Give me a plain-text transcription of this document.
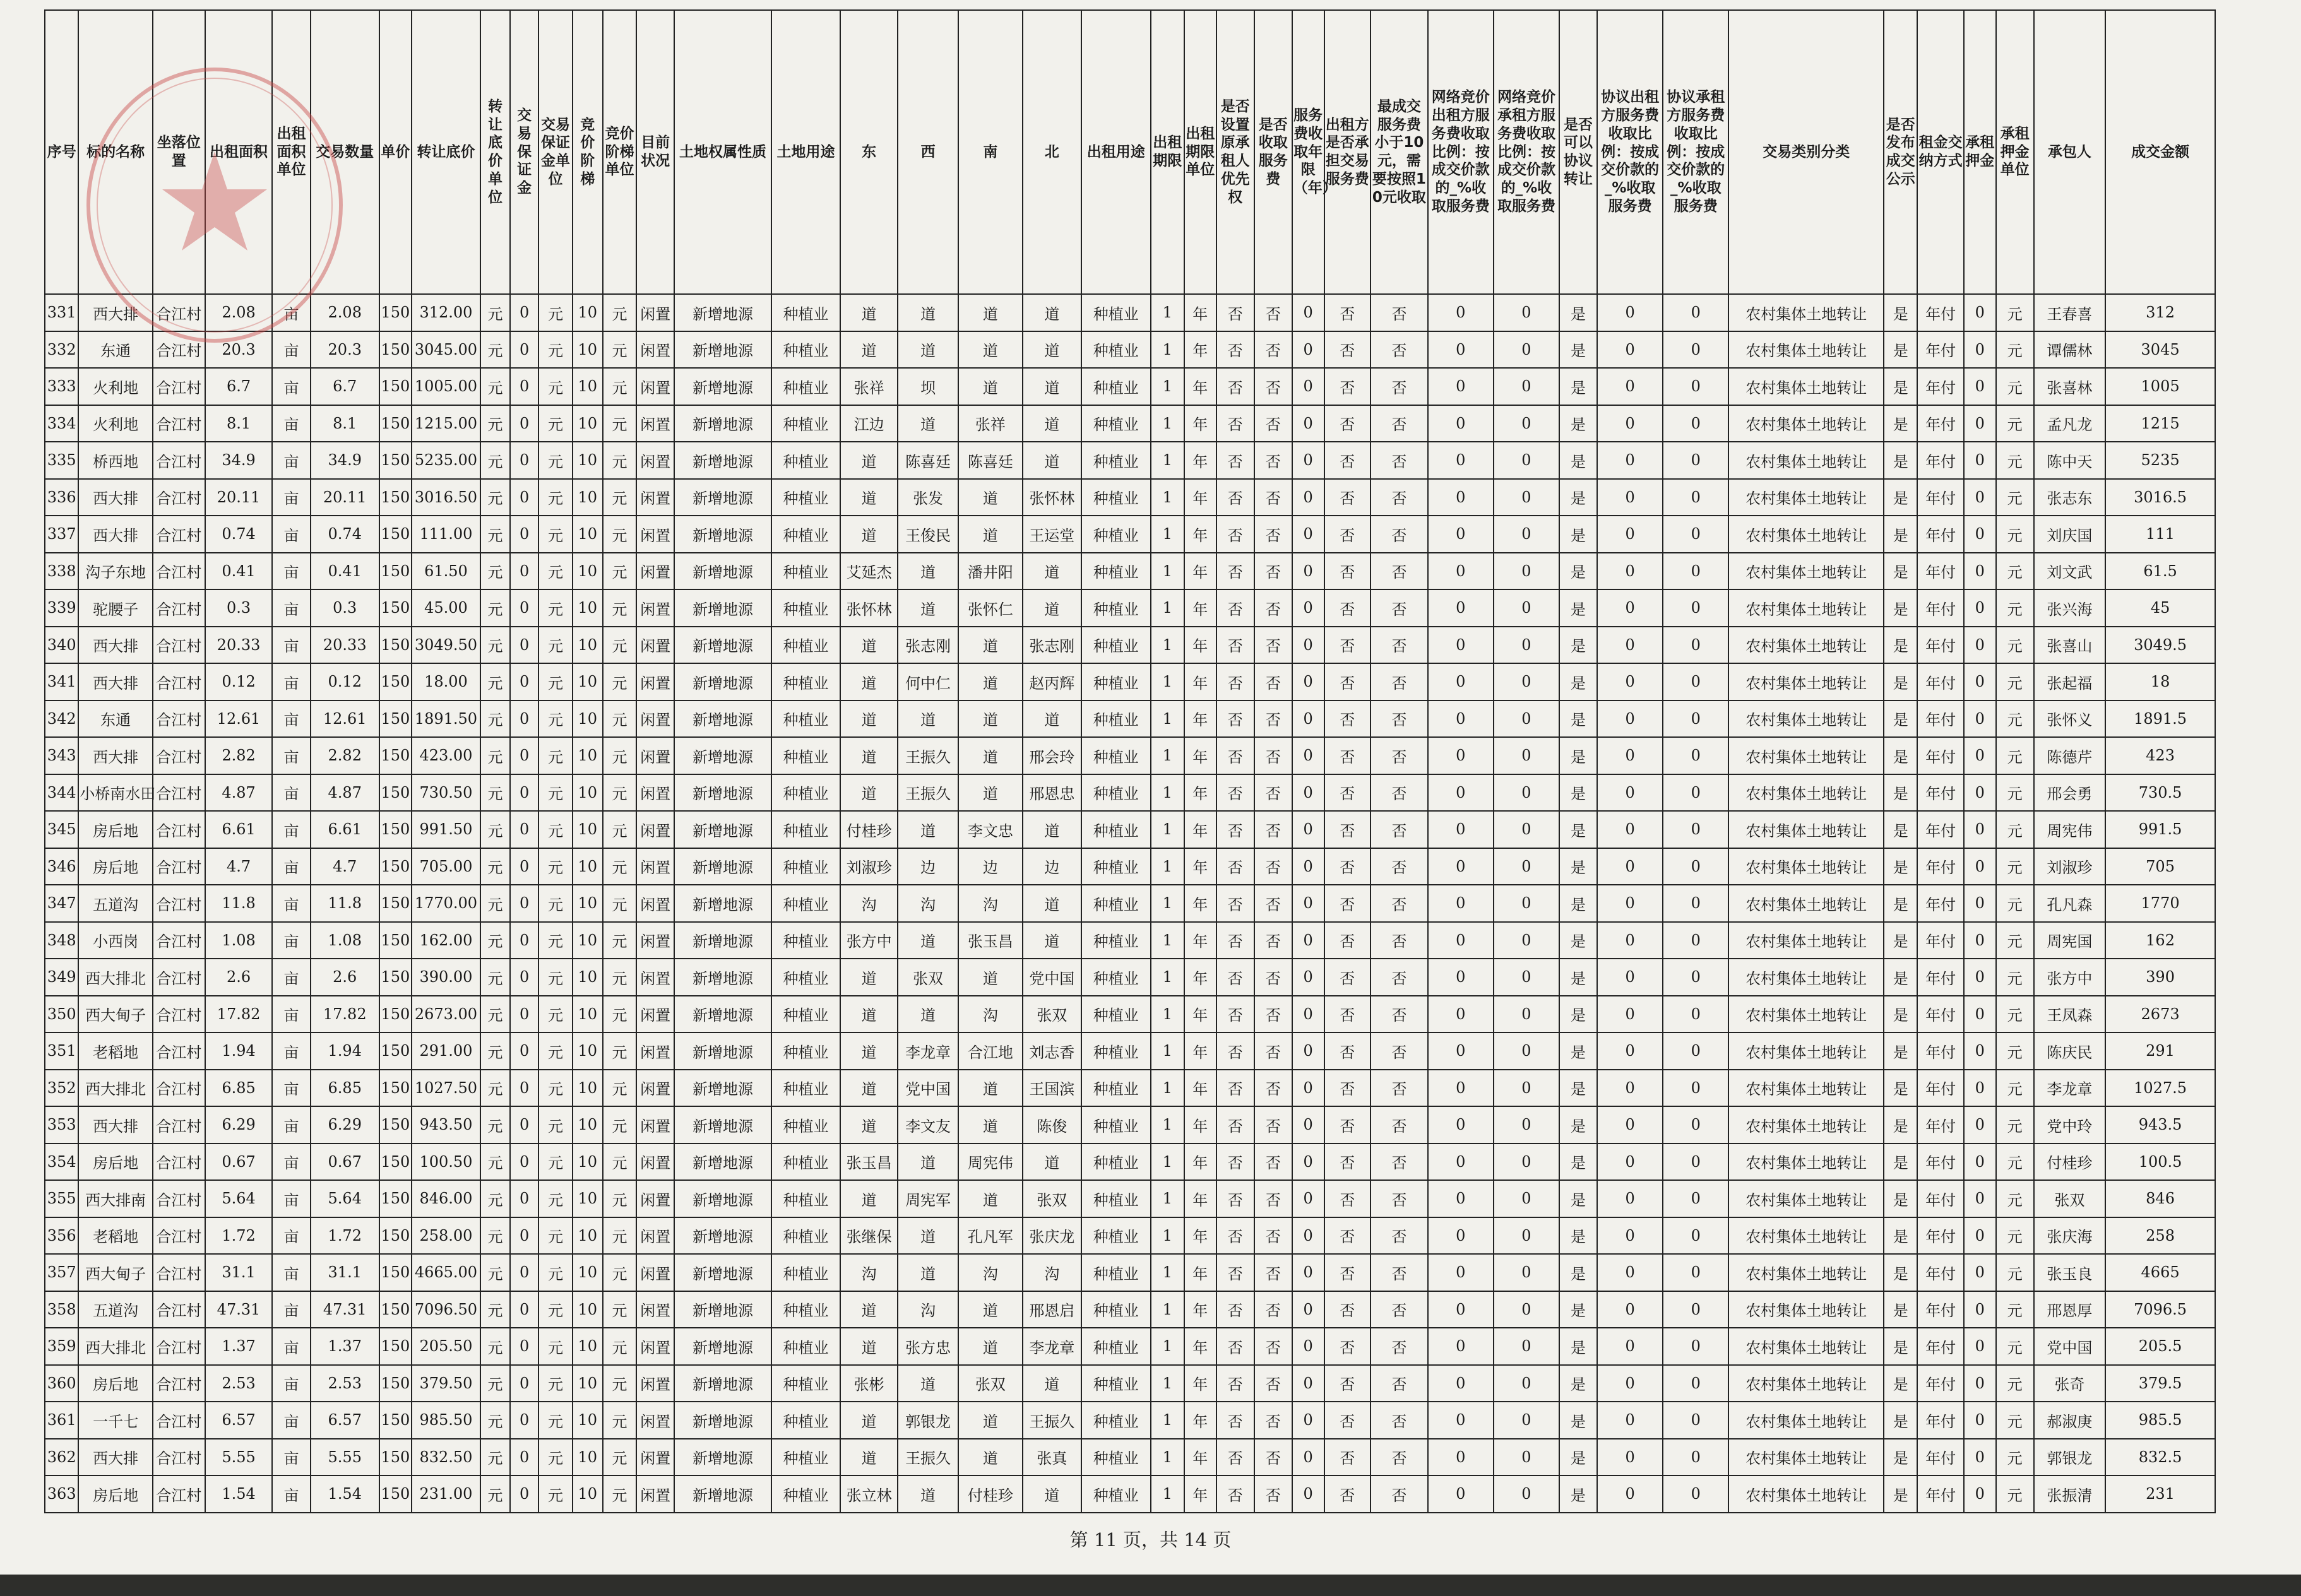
序号	标的名称	坐落位置	出租面积	出租面积单位	交易数量	单价	转让底价	转让底价单位	交易保证金	交易保证金单位	竞价阶梯	竞价阶梯单位	目前状况	土地权属性质	土地用途	东	西	南	北	出租用途	出租期限	出租期限单位	是否设置原承租人优先权	是否收取服务费	服务费收取年限（年）	出租方是否承担交易服务费	最成交服务费小于10元，需要按照10元收取	网络竞价出租方服务费收取比例：按成交价款的_%收取服务费	网络竞价承租方服务费收取比例：按成交价款的_%收取服务费	是否可以协议转让	协议出租方服务费收取比例：按成交价款的_%收取服务费	协议承租方服务费收取比例：按成交价款的_%收取服务费	交易类别分类	是否发布成交公示	租金交纳方式	承租押金	承租押金单位	承包人	成交金额
331	西大排	合江村	2.08	亩	2.08	150	312.00	元	0	元	10	元	闲置	新增地源	种植业	道	道	道	道	种植业	1	年	否	否	0	否	否	0	0	是	0	0	农村集体土地转让	是	年付	0	元	王春喜	312
332	东通	合江村	20.3	亩	20.3	150	3045.00	元	0	元	10	元	闲置	新增地源	种植业	道	道	道	道	种植业	1	年	否	否	0	否	否	0	0	是	0	0	农村集体土地转让	是	年付	0	元	谭儒林	3045
333	火利地	合江村	6.7	亩	6.7	150	1005.00	元	0	元	10	元	闲置	新增地源	种植业	张祥	坝	道	道	种植业	1	年	否	否	0	否	否	0	0	是	0	0	农村集体土地转让	是	年付	0	元	张喜林	1005
334	火利地	合江村	8.1	亩	8.1	150	1215.00	元	0	元	10	元	闲置	新增地源	种植业	江边	道	张祥	道	种植业	1	年	否	否	0	否	否	0	0	是	0	0	农村集体土地转让	是	年付	0	元	孟凡龙	1215
335	桥西地	合江村	34.9	亩	34.9	150	5235.00	元	0	元	10	元	闲置	新增地源	种植业	道	陈喜廷	陈喜廷	道	种植业	1	年	否	否	0	否	否	0	0	是	0	0	农村集体土地转让	是	年付	0	元	陈中天	5235
336	西大排	合江村	20.11	亩	20.11	150	3016.50	元	0	元	10	元	闲置	新增地源	种植业	道	张发	道	张怀林	种植业	1	年	否	否	0	否	否	0	0	是	0	0	农村集体土地转让	是	年付	0	元	张志东	3016.5
337	西大排	合江村	0.74	亩	0.74	150	111.00	元	0	元	10	元	闲置	新增地源	种植业	道	王俊民	道	王运堂	种植业	1	年	否	否	0	否	否	0	0	是	0	0	农村集体土地转让	是	年付	0	元	刘庆国	111
338	沟子东地	合江村	0.41	亩	0.41	150	61.50	元	0	元	10	元	闲置	新增地源	种植业	艾延杰	道	潘井阳	道	种植业	1	年	否	否	0	否	否	0	0	是	0	0	农村集体土地转让	是	年付	0	元	刘文武	61.5
339	驼腰子	合江村	0.3	亩	0.3	150	45.00	元	0	元	10	元	闲置	新增地源	种植业	张怀林	道	张怀仁	道	种植业	1	年	否	否	0	否	否	0	0	是	0	0	农村集体土地转让	是	年付	0	元	张兴海	45
340	西大排	合江村	20.33	亩	20.33	150	3049.50	元	0	元	10	元	闲置	新增地源	种植业	道	张志刚	道	张志刚	种植业	1	年	否	否	0	否	否	0	0	是	0	0	农村集体土地转让	是	年付	0	元	张喜山	3049.5
341	西大排	合江村	0.12	亩	0.12	150	18.00	元	0	元	10	元	闲置	新增地源	种植业	道	何中仁	道	赵丙辉	种植业	1	年	否	否	0	否	否	0	0	是	0	0	农村集体土地转让	是	年付	0	元	张起福	18
342	东通	合江村	12.61	亩	12.61	150	1891.50	元	0	元	10	元	闲置	新增地源	种植业	道	道	道	道	种植业	1	年	否	否	0	否	否	0	0	是	0	0	农村集体土地转让	是	年付	0	元	张怀义	1891.5
343	西大排	合江村	2.82	亩	2.82	150	423.00	元	0	元	10	元	闲置	新增地源	种植业	道	王振久	道	邢会玲	种植业	1	年	否	否	0	否	否	0	0	是	0	0	农村集体土地转让	是	年付	0	元	陈德芹	423
344	小桥南水田	合江村	4.87	亩	4.87	150	730.50	元	0	元	10	元	闲置	新增地源	种植业	道	王振久	道	邢恩忠	种植业	1	年	否	否	0	否	否	0	0	是	0	0	农村集体土地转让	是	年付	0	元	邢会勇	730.5
345	房后地	合江村	6.61	亩	6.61	150	991.50	元	0	元	10	元	闲置	新增地源	种植业	付桂珍	道	李文忠	道	种植业	1	年	否	否	0	否	否	0	0	是	0	0	农村集体土地转让	是	年付	0	元	周宪伟	991.5
346	房后地	合江村	4.7	亩	4.7	150	705.00	元	0	元	10	元	闲置	新增地源	种植业	刘淑珍	边	边	边	种植业	1	年	否	否	0	否	否	0	0	是	0	0	农村集体土地转让	是	年付	0	元	刘淑珍	705
347	五道沟	合江村	11.8	亩	11.8	150	1770.00	元	0	元	10	元	闲置	新增地源	种植业	沟	沟	沟	道	种植业	1	年	否	否	0	否	否	0	0	是	0	0	农村集体土地转让	是	年付	0	元	孔凡森	1770
348	小西岗	合江村	1.08	亩	1.08	150	162.00	元	0	元	10	元	闲置	新增地源	种植业	张方中	道	张玉昌	道	种植业	1	年	否	否	0	否	否	0	0	是	0	0	农村集体土地转让	是	年付	0	元	周宪国	162
349	西大排北	合江村	2.6	亩	2.6	150	390.00	元	0	元	10	元	闲置	新增地源	种植业	道	张双	道	党中国	种植业	1	年	否	否	0	否	否	0	0	是	0	0	农村集体土地转让	是	年付	0	元	张方中	390
350	西大甸子	合江村	17.82	亩	17.82	150	2673.00	元	0	元	10	元	闲置	新增地源	种植业	道	道	沟	张双	种植业	1	年	否	否	0	否	否	0	0	是	0	0	农村集体土地转让	是	年付	0	元	王凤森	2673
351	老稻地	合江村	1.94	亩	1.94	150	291.00	元	0	元	10	元	闲置	新增地源	种植业	道	李龙章	合江地	刘志香	种植业	1	年	否	否	0	否	否	0	0	是	0	0	农村集体土地转让	是	年付	0	元	陈庆民	291
352	西大排北	合江村	6.85	亩	6.85	150	1027.50	元	0	元	10	元	闲置	新增地源	种植业	道	党中国	道	王国滨	种植业	1	年	否	否	0	否	否	0	0	是	0	0	农村集体土地转让	是	年付	0	元	李龙章	1027.5
353	西大排	合江村	6.29	亩	6.29	150	943.50	元	0	元	10	元	闲置	新增地源	种植业	道	李文友	道	陈俊	种植业	1	年	否	否	0	否	否	0	0	是	0	0	农村集体土地转让	是	年付	0	元	党中玲	943.5
354	房后地	合江村	0.67	亩	0.67	150	100.50	元	0	元	10	元	闲置	新增地源	种植业	张玉昌	道	周宪伟	道	种植业	1	年	否	否	0	否	否	0	0	是	0	0	农村集体土地转让	是	年付	0	元	付桂珍	100.5
355	西大排南	合江村	5.64	亩	5.64	150	846.00	元	0	元	10	元	闲置	新增地源	种植业	道	周宪军	道	张双	种植业	1	年	否	否	0	否	否	0	0	是	0	0	农村集体土地转让	是	年付	0	元	张双	846
356	老稻地	合江村	1.72	亩	1.72	150	258.00	元	0	元	10	元	闲置	新增地源	种植业	张继保	道	孔凡军	张庆龙	种植业	1	年	否	否	0	否	否	0	0	是	0	0	农村集体土地转让	是	年付	0	元	张庆海	258
357	西大甸子	合江村	31.1	亩	31.1	150	4665.00	元	0	元	10	元	闲置	新增地源	种植业	沟	道	沟	沟	种植业	1	年	否	否	0	否	否	0	0	是	0	0	农村集体土地转让	是	年付	0	元	张玉良	4665
358	五道沟	合江村	47.31	亩	47.31	150	7096.50	元	0	元	10	元	闲置	新增地源	种植业	道	沟	道	邢恩启	种植业	1	年	否	否	0	否	否	0	0	是	0	0	农村集体土地转让	是	年付	0	元	邢恩厚	7096.5
359	西大排北	合江村	1.37	亩	1.37	150	205.50	元	0	元	10	元	闲置	新增地源	种植业	道	张方忠	道	李龙章	种植业	1	年	否	否	0	否	否	0	0	是	0	0	农村集体土地转让	是	年付	0	元	党中国	205.5
360	房后地	合江村	2.53	亩	2.53	150	379.50	元	0	元	10	元	闲置	新增地源	种植业	张彬	道	张双	道	种植业	1	年	否	否	0	否	否	0	0	是	0	0	农村集体土地转让	是	年付	0	元	张奇	379.5
361	一千七	合江村	6.57	亩	6.57	150	985.50	元	0	元	10	元	闲置	新增地源	种植业	道	郭银龙	道	王振久	种植业	1	年	否	否	0	否	否	0	0	是	0	0	农村集体土地转让	是	年付	0	元	郝淑庚	985.5
362	西大排	合江村	5.55	亩	5.55	150	832.50	元	0	元	10	元	闲置	新增地源	种植业	道	王振久	道	张真	种植业	1	年	否	否	0	否	否	0	0	是	0	0	农村集体土地转让	是	年付	0	元	郭银龙	832.5
363	房后地	合江村	1.54	亩	1.54	150	231.00	元	0	元	10	元	闲置	新增地源	种植业	张立林	道	付桂珍	道	种植业	1	年	否	否	0	否	否	0	0	是	0	0	农村集体土地转让	是	年付	0	元	张振清	231
第 11 页，共 14 页
